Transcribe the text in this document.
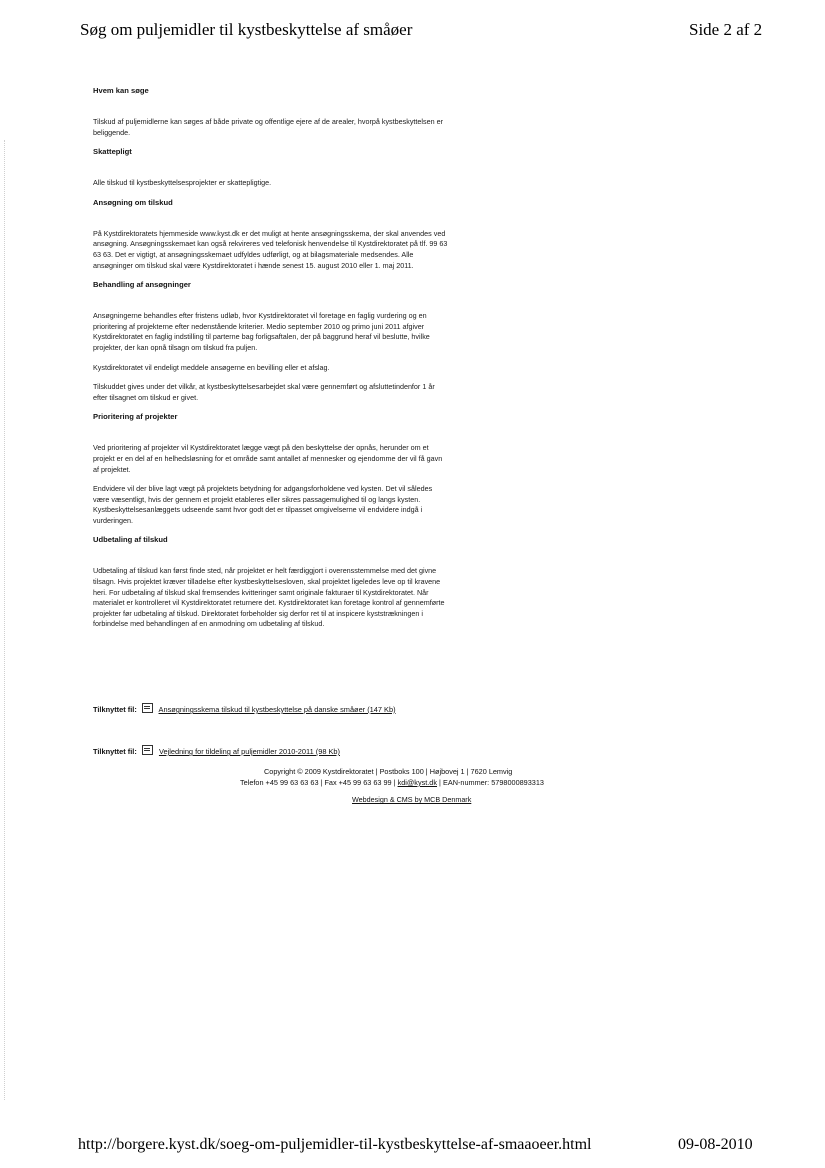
Søg om puljemidler til kystbeskyttelse af småøer	Side 2 af 2
Hvem kan søge

Tilskud af puljemidlerne kan søges af både private og offentlige ejere af de arealer, hvorpå kystbeskyttelsen er beliggende.

Skattepligt

Alle tilskud til kystbeskyttelsesprojekter er skattepligtige.

Ansøgning om tilskud

På Kystdirektoratets hjemmeside www.kyst.dk er det muligt at hente ansøgningsskema, der skal anvendes ved ansøgning. Ansøgningsskemaet kan også rekvireres ved telefonisk henvendelse til Kystdirektoratet på tlf. 99 63 63 63. Det er vigtigt, at ansøgningsskemaet udfyldes udførligt, og at bilagsmateriale medsendes. Alle ansøgninger om tilskud skal være Kystdirektoratet i hænde senest 15. august 2010 eller 1. maj 2011.

Behandling af ansøgninger

Ansøgningerne behandles efter fristens udløb, hvor Kystdirektoratet vil foretage en faglig vurdering og en prioritering af projekterne efter nedenstående kriterier. Medio september 2010 og primo juni 2011 afgiver Kystdirektoratet en faglig indstilling til parterne bag forligsaftalen, der på baggrund heraf vil beslutte, hvilke projekter, der kan opnå tilsagn om tilskud fra puljen.

Kystdirektoratet vil endeligt meddele ansøgerne en bevilling eller et afslag.

Tilskuddet gives under det vilkår, at kystbeskyttelsesarbejdet skal være gennemført og afsluttetindenfor 1 år efter tilsagnet om tilskud er givet.

Prioritering af projekter

Ved prioritering af projekter vil Kystdirektoratet lægge vægt på den beskyttelse der opnås, herunder om et projekt er en del af en helhedsløsning for et område samt antallet af mennesker og ejendomme der vil få gavn af projektet.

Endvidere vil der blive lagt vægt på projektets betydning for adgangsforholdene ved kysten. Det vil således være væsentligt, hvis der gennem et projekt etableres eller sikres passagemulighed til og langs kysten. Kystbeskyttelsesanlæggets udseende samt hvor godt det er tilpasset omgivelserne vil endvidere indgå i vurderingen.

Udbetaling af tilskud

Udbetaling af tilskud kan først finde sted, når projektet er helt færdiggjort i overensstemmelse med det givne tilsagn. Hvis projektet kræver tilladelse efter kystbeskyttelsesloven, skal projektet ligeledes leve op til kravene heri. For udbetaling af tilskud skal fremsendes kvitteringer samt originale fakturaer til Kystdirektoratet. Når materialet er kontrolleret vil Kystdirektoratet returnere det. Kystdirektoratet kan foretage kontrol af gennemførte projekter før udbetaling af tilskud. Direktoratet forbeholder sig derfor ret til at inspicere kyststrækningen i forbindelse med behandlingen af en anmodning om udbetaling af tilskud.

Tilknyttet fil:	Ansøgningsskema tilskud til kystbeskyttelse på danske småøer (147 Kb)
Tilknyttet fil:	Vejledning for tildeling af puljemidler 2010-2011 (98 Kb)
Copyright © 2009 Kystdirektoratet | Postboks 100 | Højbovej 1 | 7620 Lemvig
Telefon +45 99 63 63 63 | Fax +45 99 63 63 99 | kdi@kyst.dk | EAN-nummer: 5798000893313
Webdesign & CMS by MCB Denmark
http://borgere.kyst.dk/soeg-om-puljemidler-til-kystbeskyttelse-af-smaaoeer.html	09-08-2010
